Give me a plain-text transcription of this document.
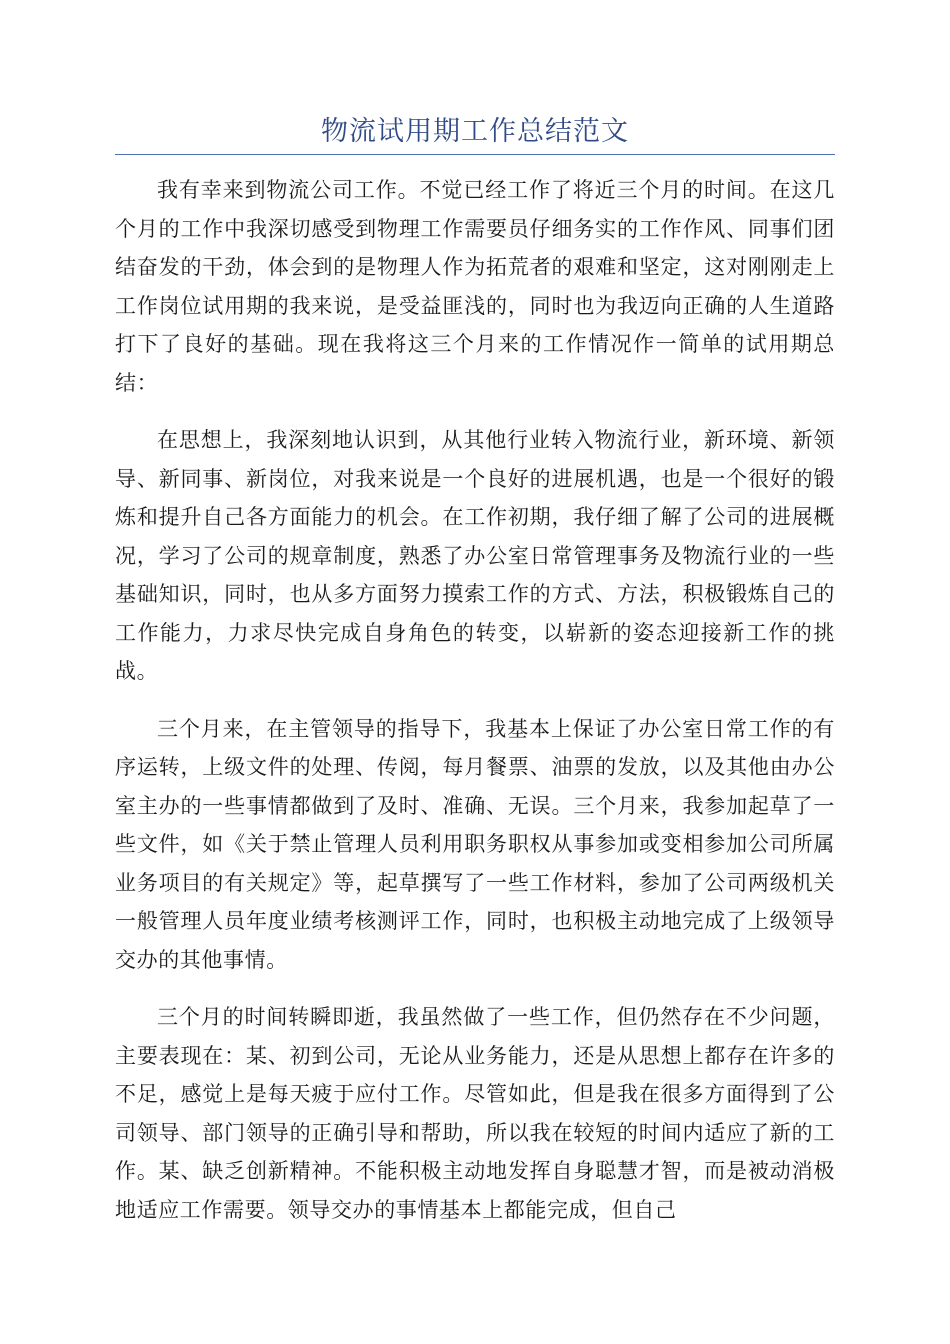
物流试用期工作总结范文

我有幸来到物流公司工作。不觉已经工作了将近三个月的时间。在这几个月的工作中我深切感受到物理工作需要员仔细务实的工作作风、同事们团结奋发的干劲，体会到的是物理人作为拓荒者的艰难和坚定，这对刚刚走上工作岗位试用期的我来说，是受益匪浅的，同时也为我迈向正确的人生道路打下了良好的基础。现在我将这三个月来的工作情况作一简单的试用期总结：

在思想上，我深刻地认识到，从其他行业转入物流行业，新环境、新领导、新同事、新岗位，对我来说是一个良好的进展机遇，也是一个很好的锻炼和提升自己各方面能力的机会。在工作初期，我仔细了解了公司的进展概况，学习了公司的规章制度，熟悉了办公室日常管理事务及物流行业的一些基础知识，同时，也从多方面努力摸索工作的方式、方法，积极锻炼自己的工作能力，力求尽快完成自身角色的转变，以崭新的姿态迎接新工作的挑战。

三个月来，在主管领导的指导下，我基本上保证了办公室日常工作的有序运转，上级文件的处理、传阅，每月餐票、油票的发放，以及其他由办公室主办的一些事情都做到了及时、准确、无误。三个月来，我参加起草了一些文件，如《关于禁止管理人员利用职务职权从事参加或变相参加公司所属业务项目的有关规定》等，起草撰写了一些工作材料，参加了公司两级机关一般管理人员年度业绩考核测评工作，同时，也积极主动地完成了上级领导交办的其他事情。

三个月的时间转瞬即逝，我虽然做了一些工作，但仍然存在不少问题，主要表现在：某、初到公司，无论从业务能力，还是从思想上都存在许多的不足，感觉上是每天疲于应付工作。尽管如此，但是我在很多方面得到了公司领导、部门领导的正确引导和帮助，所以我在较短的时间内适应了新的工作。某、缺乏创新精神。不能积极主动地发挥自身聪慧才智，而是被动消极地适应工作需要。领导交办的事情基本上都能完成，但自己
